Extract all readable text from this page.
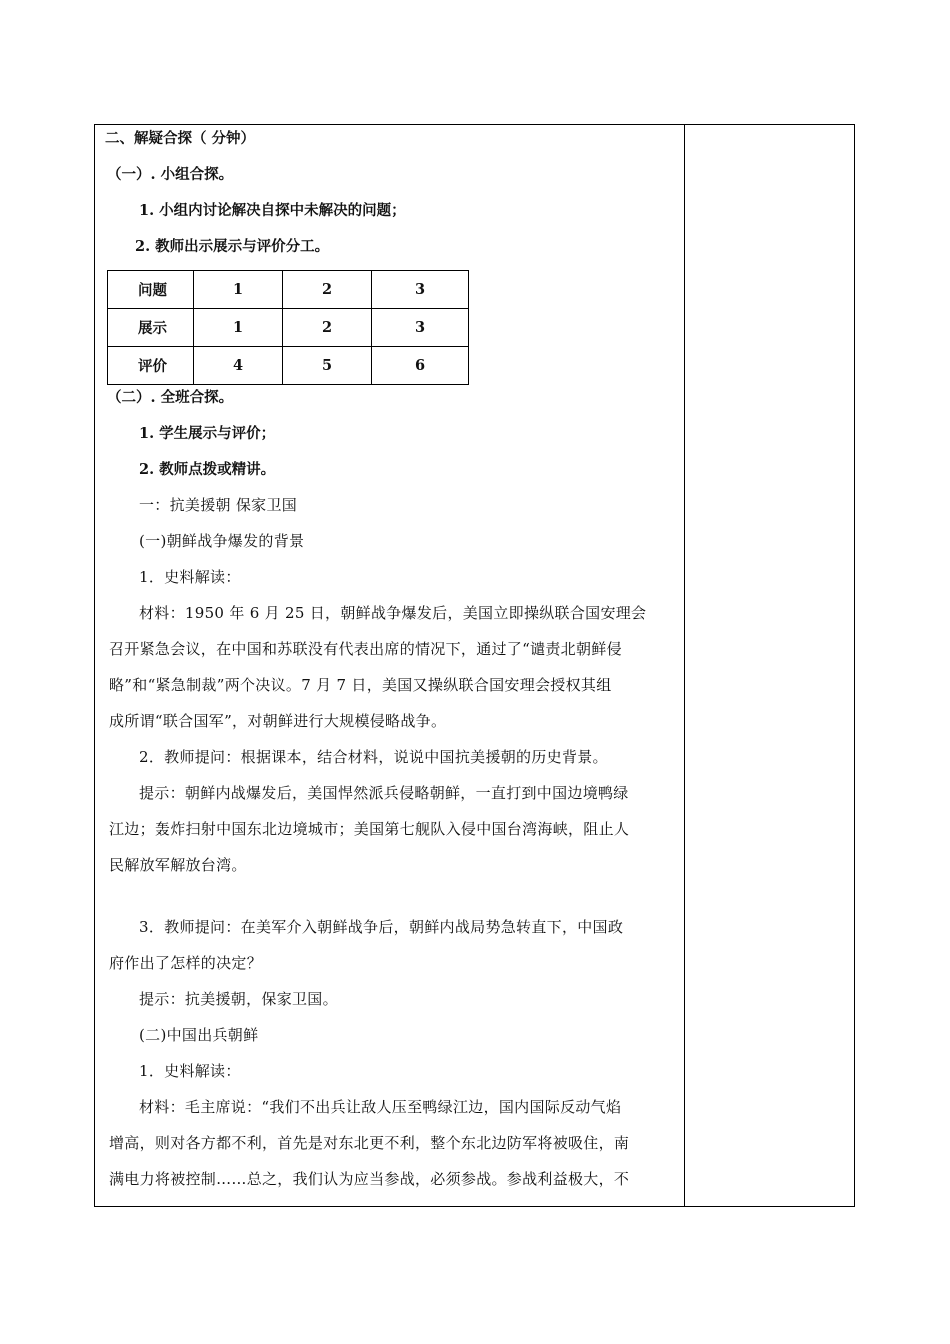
二、解疑合探（ 分钟）
（一）. 小组合探。
1. 小组内讨论解决自探中未解决的问题；
2. 教师出示展示与评价分工。
问题	1	2	3
展示	1	2	3
评价	4	5	6
（二）. 全班合探。
1. 学生展示与评价；
2. 教师点拨或精讲。
一：抗美援朝 保家卫国
(一)朝鲜战争爆发的背景
1．史料解读：
材料：1950 年 6 月 25 日，朝鲜战争爆发后，美国立即操纵联合国安理会
召开紧急会议，在中国和苏联没有代表出席的情况下，通过了“谴责北朝鲜侵
略”和“紧急制裁”两个决议。7 月 7 日，美国又操纵联合国安理会授权其组
成所谓“联合国军”，对朝鲜进行大规模侵略战争。
2．教师提问：根据课本，结合材料，说说中国抗美援朝的历史背景。
提示：朝鲜内战爆发后，美国悍然派兵侵略朝鲜，一直打到中国边境鸭绿
江边；轰炸扫射中国东北边境城市；美国第七舰队入侵中国台湾海峡，阻止人
民解放军解放台湾。
3．教师提问：在美军介入朝鲜战争后，朝鲜内战局势急转直下，中国政
府作出了怎样的决定？
提示：抗美援朝，保家卫国。
(二)中国出兵朝鲜
1．史料解读：
材料：毛主席说：“我们不出兵让敌人压至鸭绿江边，国内国际反动气焰
增高，则对各方都不利，首先是对东北更不利，整个东北边防军将被吸住，南
满电力将被控制……总之，我们认为应当参战，必须参战。参战利益极大，不
